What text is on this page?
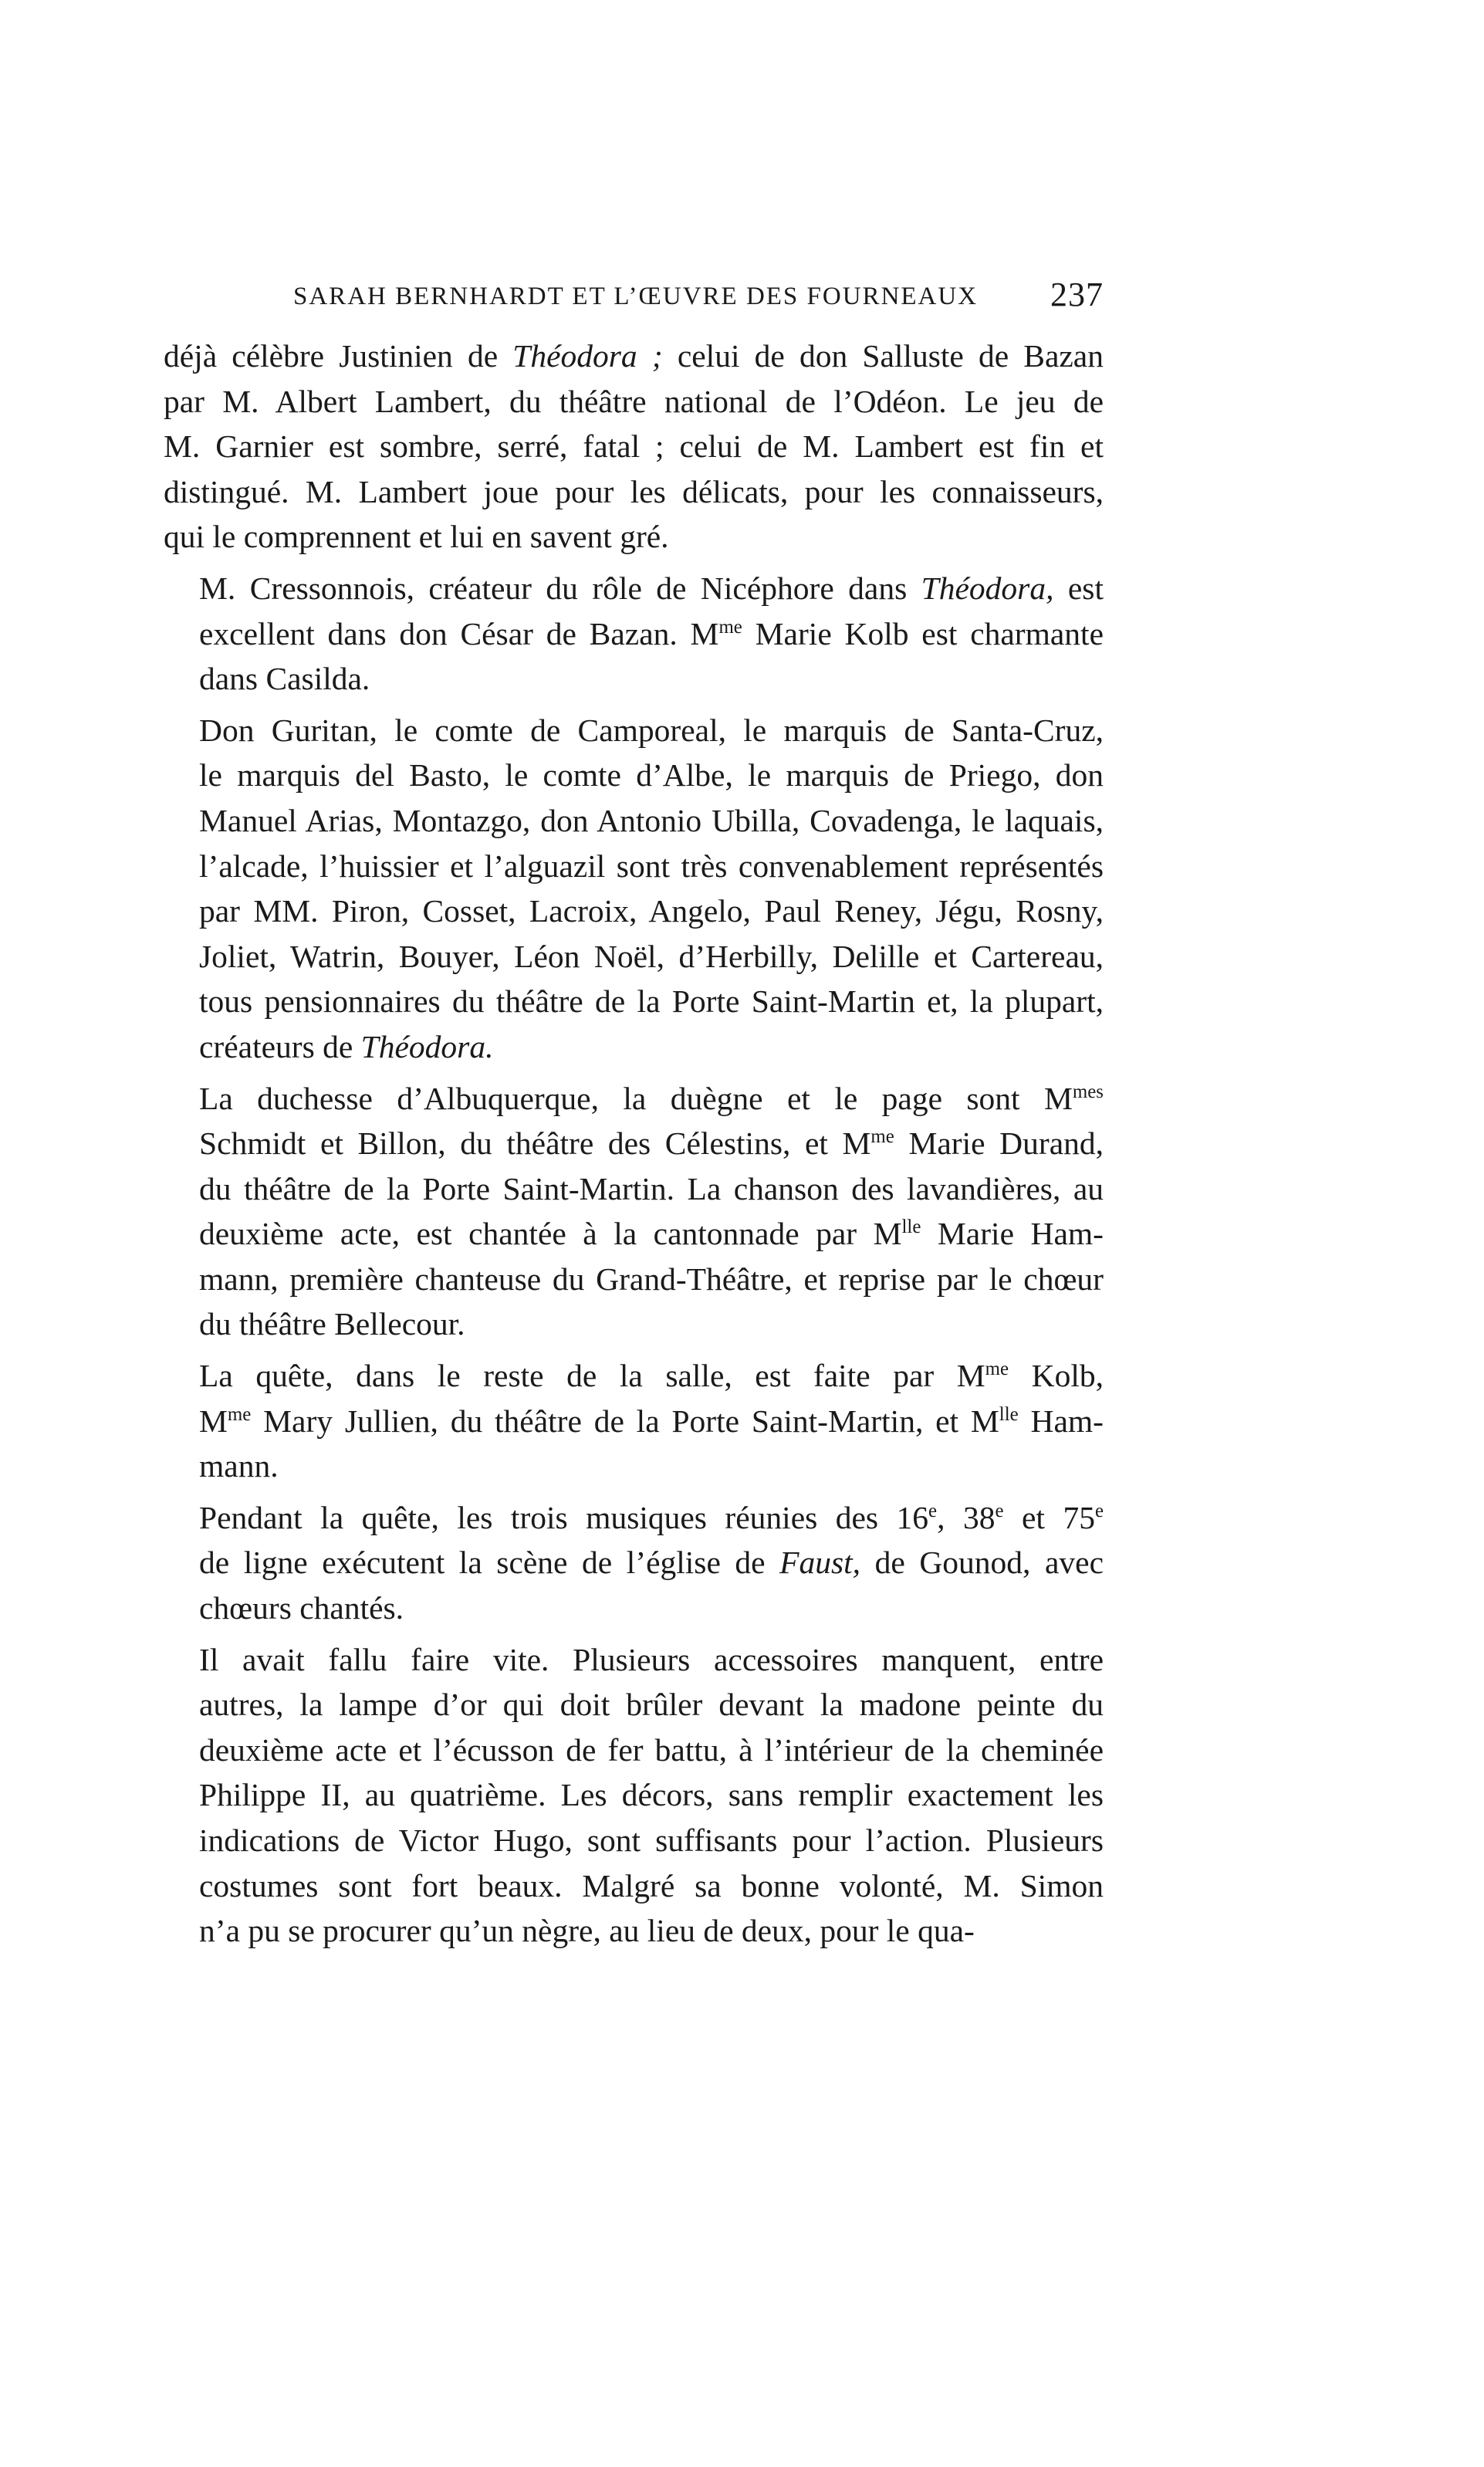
SARAH BERNHARDT ET L’ŒUVRE DES FOURNEAUX 237
déjà célèbre Justinien de Théodora ; celui de don Salluste de Bazan
par M. Albert Lambert, du théâtre national de l’Odéon. Le jeu de
M. Garnier est sombre, serré, fatal ; celui de M. Lambert est fin et
distingué. M. Lambert joue pour les délicats, pour les connaisseurs,
qui le comprennent et lui en savent gré.
M. Cressonnois, créateur du rôle de Nicéphore dans Théodora, est
excellent dans don César de Bazan. $M^{me}$ Marie Kolb est charmante
dans Casilda.
Don Guritan, le comte de Camporeal, le marquis de Santa-Cruz,
le marquis del Basto, le comte d’Albe, le marquis de Priego, don
Manuel Arias, Montazgo, don Antonio Ubilla, Covadenga, le laquais,
l’alcade, l’huissier et l’alguazil sont très convenablement représentés
par MM. Piron, Cosset, Lacroix, Angelo, Paul Reney, Jégu, Rosny,
Joliet, Watrin, Bouyer, Léon Noël, d’Herbilly, Delille et Cartereau,
tous pensionnaires du théâtre de la Porte Saint-Martin et, la plupart,
créateurs de Théodora.
La duchesse d’Albuquerque, la duègne et le page sont $M^{mes}$
Schmidt et Billon, du théâtre des Célestins, et $M^{me}$ Marie Durand,
du théâtre de la Porte Saint-Martin. La chanson des lavandières, au
deuxième acte, est chantée à la cantonnade par $M^{lle}$ Marie Ham-
mann, première chanteuse du Grand-Théâtre, et reprise par le chœur
du théâtre Bellecour.
La quête, dans le reste de la salle, est faite par $M^{me}$ Kolb,
$M^{me}$ Mary Jullien, du théâtre de la Porte Saint-Martin, et $M^{lle}$ Ham-
mann.
Pendant la quête, les trois musiques réunies des 16e, 38e et 75e
de ligne exécutent la scène de l’église de Faust, de Gounod, avec
chœurs chantés.
Il avait fallu faire vite. Plusieurs accessoires manquent, entre
autres, la lampe d’or qui doit brûler devant la madone peinte du
deuxième acte et l’écusson de fer battu, à l’intérieur de la cheminée
Philippe II, au quatrième. Les décors, sans remplir exactement les
indications de Victor Hugo, sont suffisants pour l’action. Plusieurs
costumes sont fort beaux. Malgré sa bonne volonté, M. Simon
n’a pu se procurer qu’un nègre, au lieu de deux, pour le qua-
